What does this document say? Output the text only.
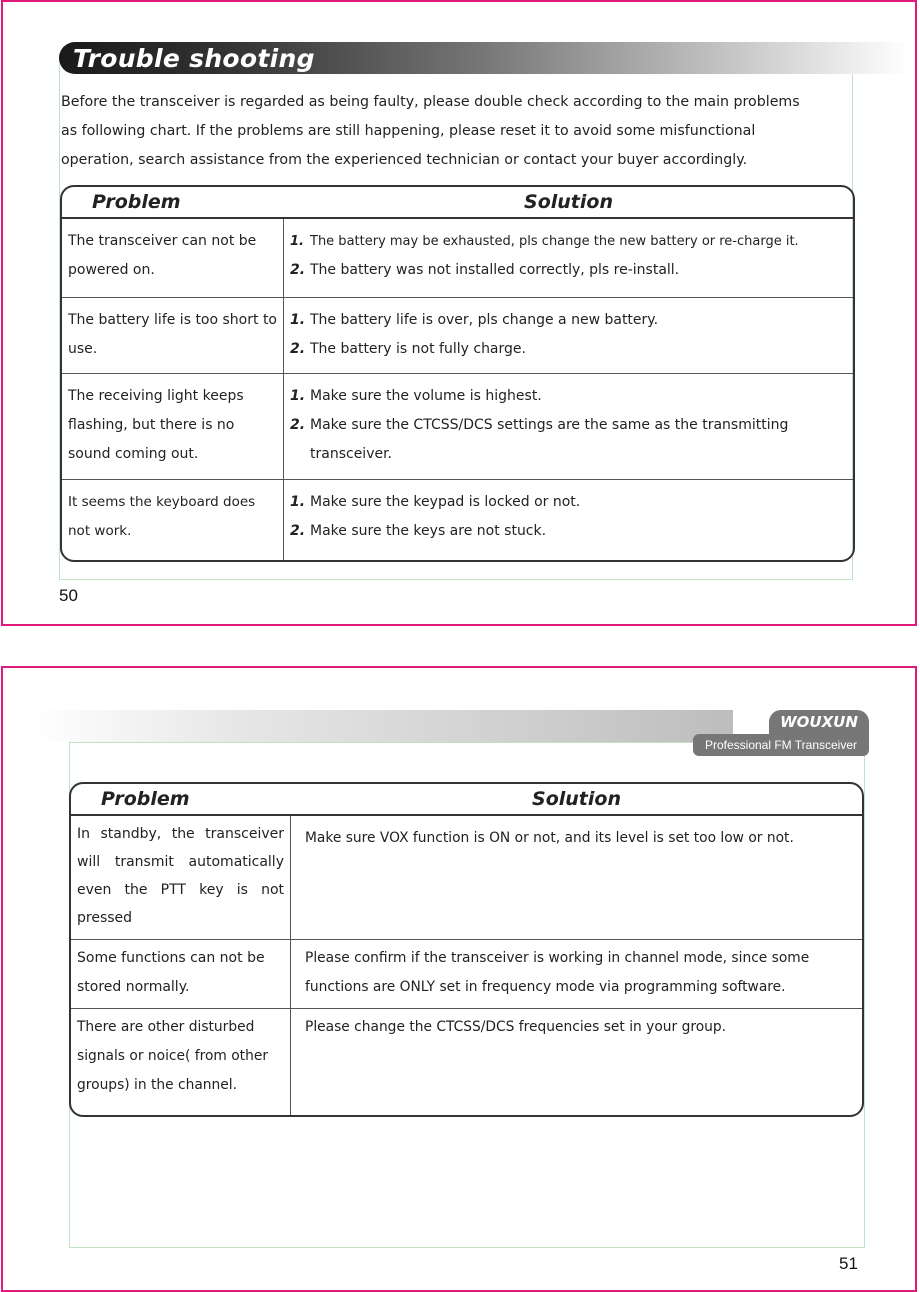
Trouble shooting
Before the transceiver is regarded as being faulty, please double check according to the main problems
as following chart. If the problems are still happening, please reset it to avoid some misfunctional
operation, search assistance from the experienced technician or contact your buyer accordingly.
Problem	Solution
The transceiver can not be powered on.	1. The battery may be exhausted, pls change the new battery or re-charge it.
2. The battery was not installed correctly, pls re-install.

The battery life is too short to use.	1. The battery life is over, pls change a new battery.
2. The battery is not fully charge.

The receiving light keeps flashing, but there is no sound coming out.	1. Make sure the volume is highest.
2. Make sure the CTCSS/DCS settings are the same as the transmitting
transceiver.

It seems the keyboard does not work.	1. Make sure the keypad is locked or not.
2. Make sure the keys are not stuck.
50
WOUXUN
Professional FM Transceiver
Problem	Solution
In standby, the transceiver will transmit automatically even the PTT key is not pressed	Make sure VOX function is ON or not, and its level is set too low or not.

Some functions can not be stored normally.	Please confirm if the transceiver is working in channel mode, since some
functions are ONLY set in frequency mode via programming software.

There are other disturbed signals or noice( from other groups) in the channel.	Please change the CTCSS/DCS frequencies set in your group.
51
